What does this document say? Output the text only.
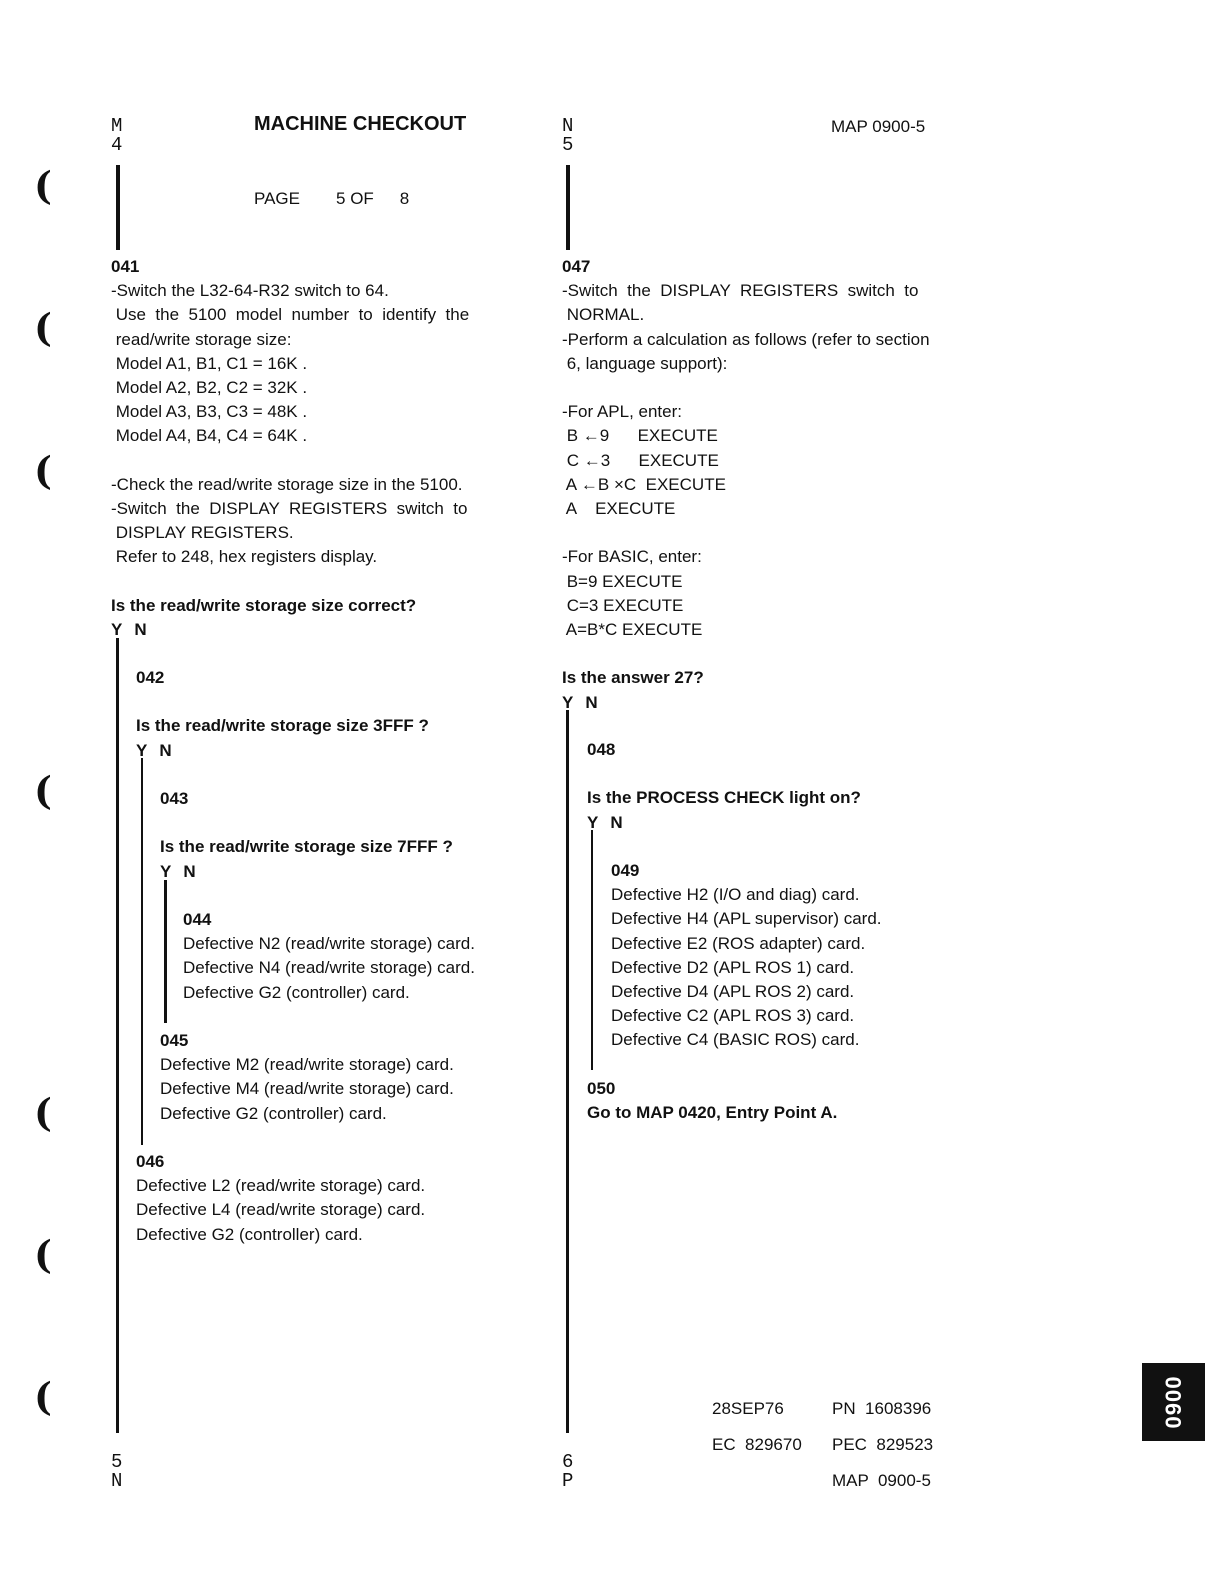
(
(
(
(
(
(
(
M
4
MACHINE CHECKOUT
PAGE 5 OF 8
N
5
MAP 0900-5
041
-Switch the L32-64-R32 switch to 64.
Use  the  5100  model  number  to  identify  the
read/write storage size:
Model A1, B1, C1 = 16K .
Model A2, B2, C2 = 32K .
Model A3, B3, C3 = 48K .
Model A4, B4, C4 = 64K .

-Check the read/write storage size in the 5100.
-Switch  the  DISPLAY  REGISTERS  switch  to
DISPLAY REGISTERS.
Refer to 248, hex registers display.

Is the read/write storage size correct?
Y N
042

Is the read/write storage size 3FFF ?
Y N
043

Is the read/write storage size 7FFF ?
Y N
044
Defective N2 (read/write storage) card.
Defective N4 (read/write storage) card.
Defective G2 (controller) card.
045
Defective M2 (read/write storage) card.
Defective M4 (read/write storage) card.
Defective G2 (controller) card.
046
Defective L2 (read/write storage) card.
Defective L4 (read/write storage) card.
Defective G2 (controller) card.
5
N
047
-Switch  the  DISPLAY  REGISTERS  switch  to
NORMAL.
-Perform a calculation as follows (refer to section
6, language support):

-For APL, enter:
B ←9      EXECUTE
C ←3      EXECUTE
A ←B ×C  EXECUTE
A    EXECUTE

-For BASIC, enter:
B=9 EXECUTE
C=3 EXECUTE
A=B*C EXECUTE

Is the answer 27?
Y N
048

Is the PROCESS CHECK light on?
Y N
049
Defective H2 (I/O and diag) card.
Defective H4 (APL supervisor) card.
Defective E2 (ROS adapter) card.
Defective D2 (APL ROS 1) card.
Defective D4 (APL ROS 2) card.
Defective C2 (APL ROS 3) card.
Defective C4 (BASIC ROS) card.
050
Go to MAP 0420, Entry Point A.
6
P
28SEP76	PN  1608396
EC  829670 PEC  829523
MAP  0900-5
0900
